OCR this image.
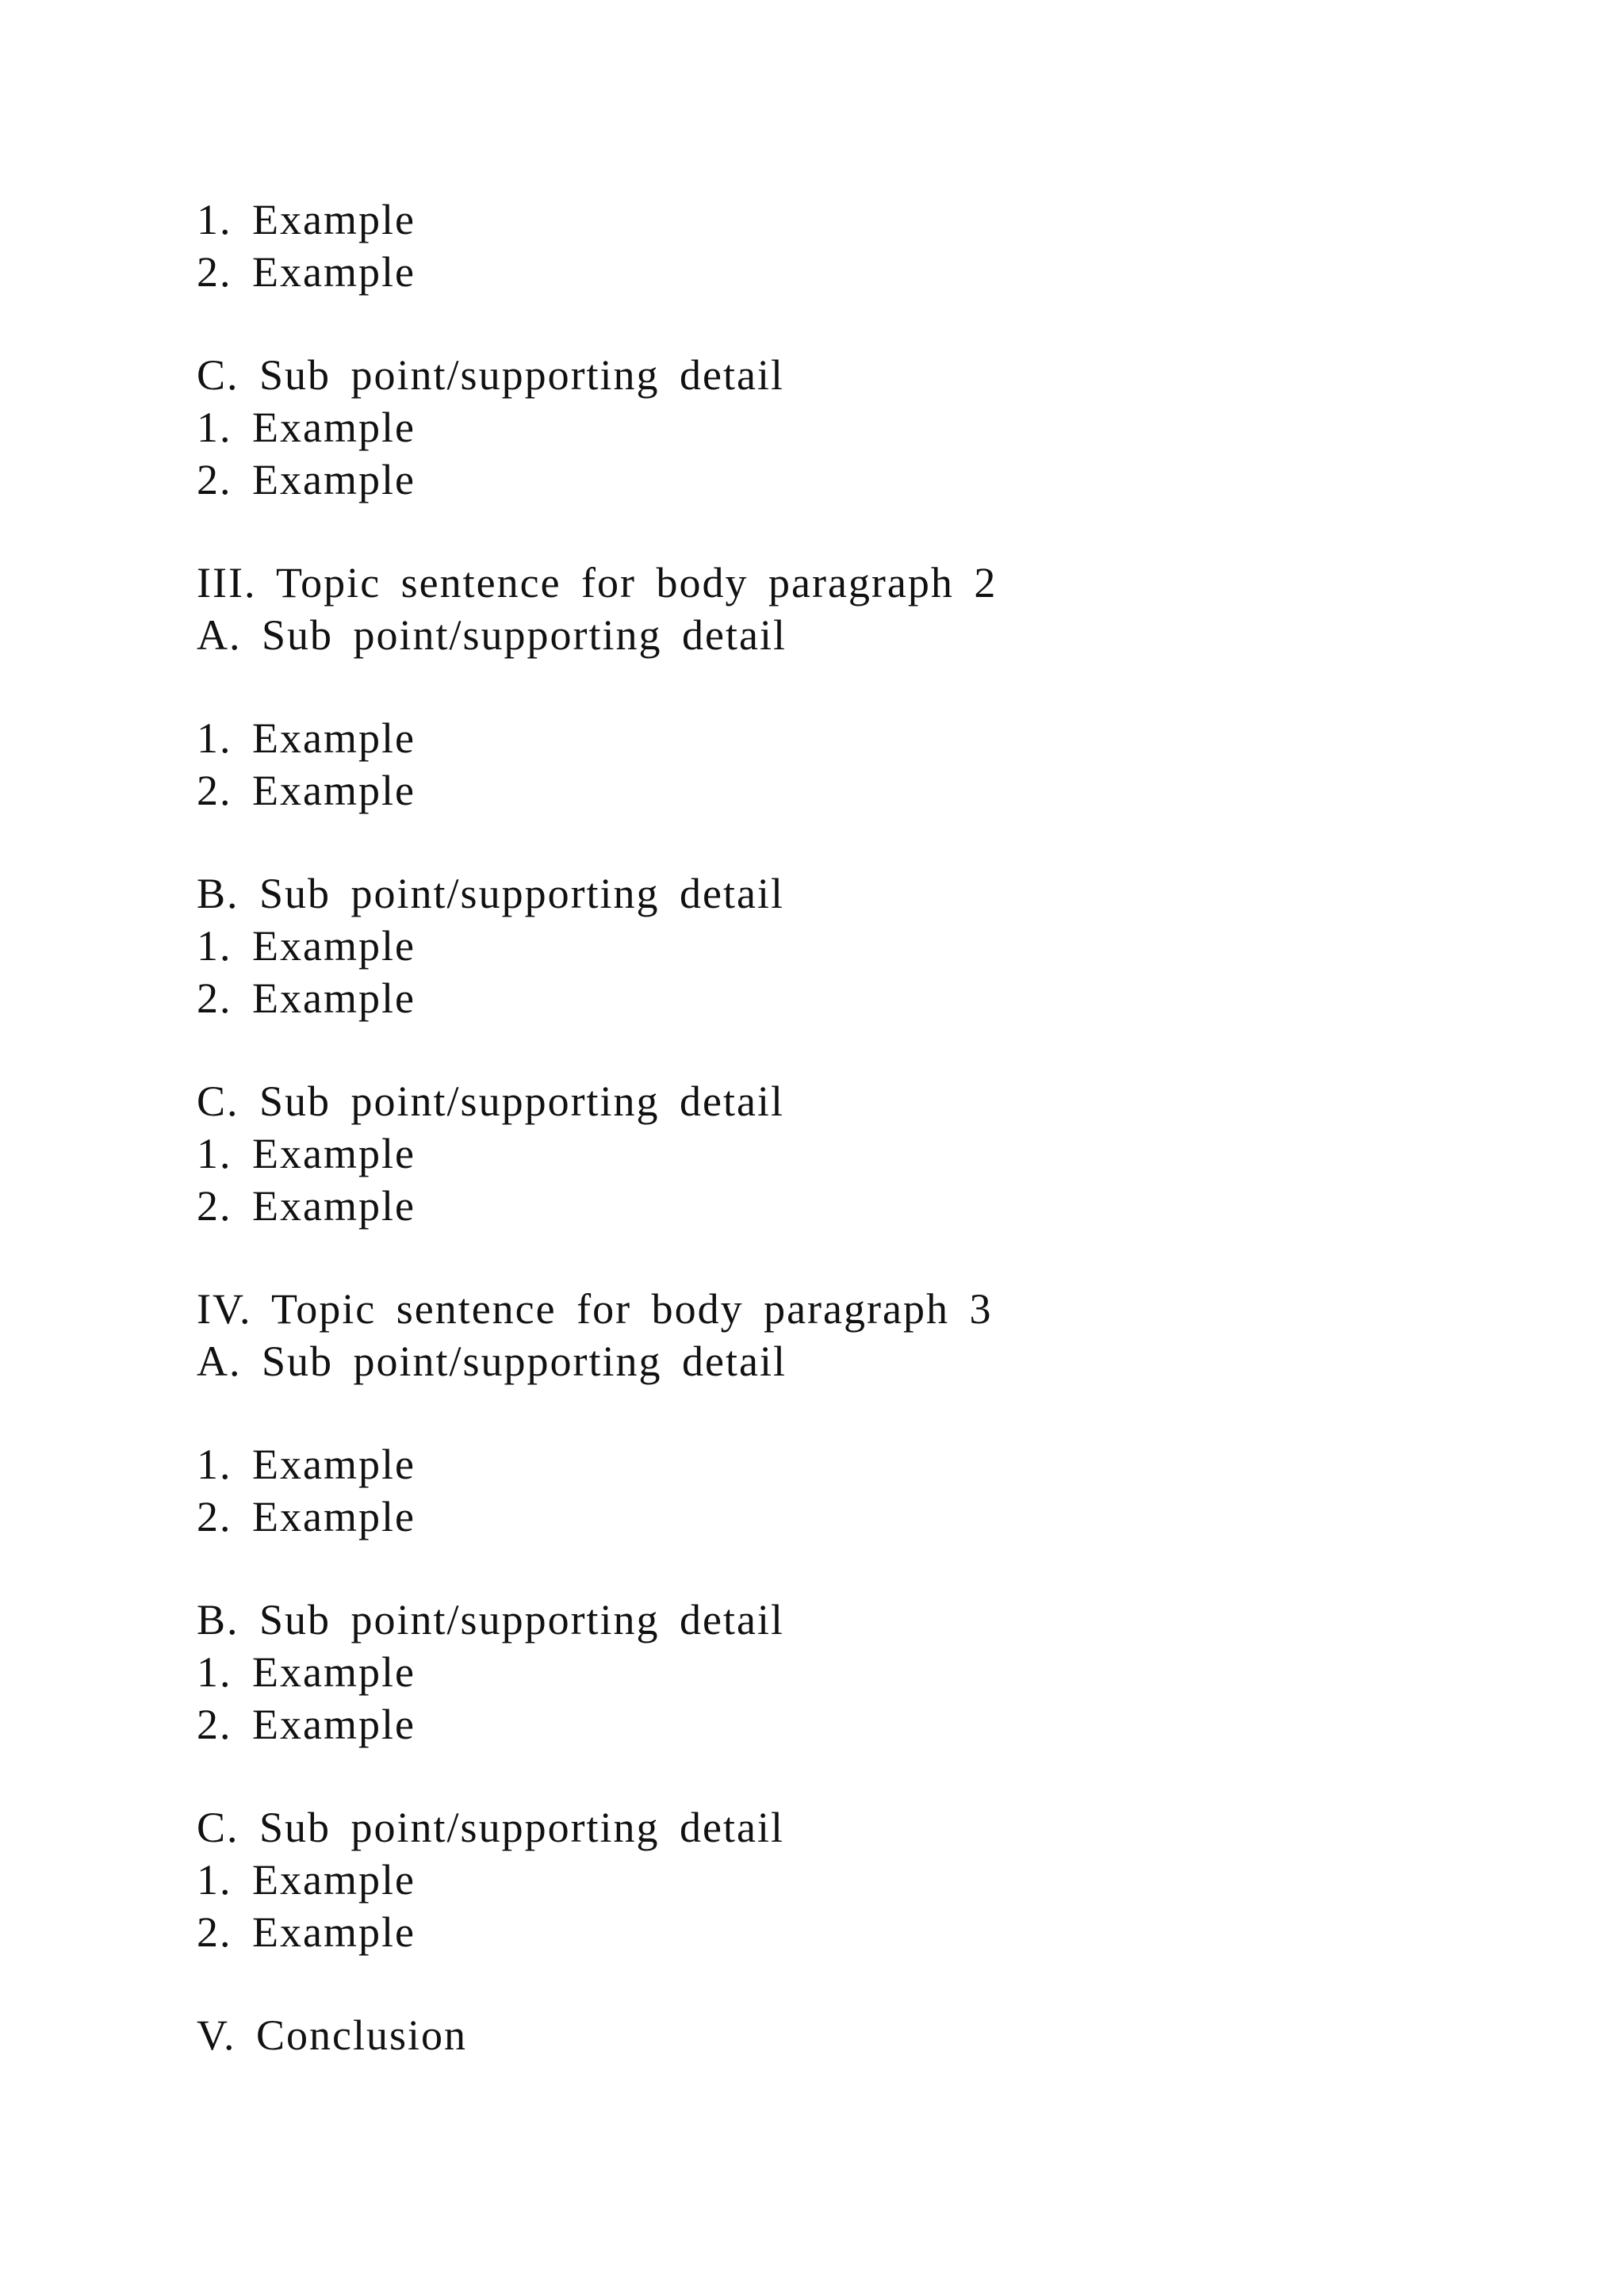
1. Example
2. Example
C. Sub point/supporting detail
1. Example
2. Example
III. Topic sentence for body paragraph 2
A. Sub point/supporting detail
1. Example
2. Example
B. Sub point/supporting detail
1. Example
2. Example
C. Sub point/supporting detail
1. Example
2. Example
IV. Topic sentence for body paragraph 3
A. Sub point/supporting detail
1. Example
2. Example
B. Sub point/supporting detail
1. Example
2. Example
C. Sub point/supporting detail
1. Example
2. Example
V. Conclusion
